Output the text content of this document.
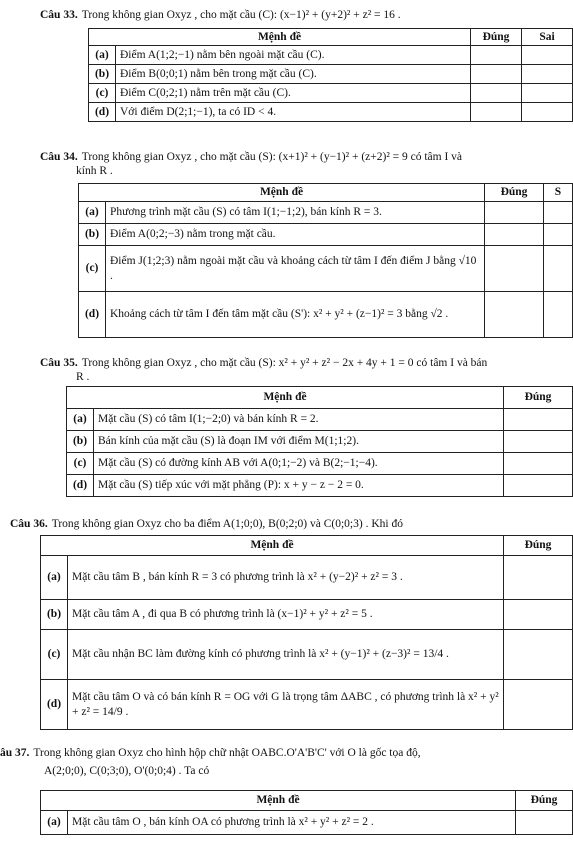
Câu 33. Trong không gian Oxyz , cho mặt cầu (C): (x−1)² + (y+2)² + z² = 16 .
Mệnh đề		Đúng	Sai
(a)	Điểm A(1;2;−1) nằm bên ngoài mặt cầu (C).		
(b)	Điểm B(0;0;1) nằm bên trong mặt cầu (C).		
(c)	Điểm C(0;2;1) nằm trên mặt cầu (C).		
(d)	Với điểm D(2;1;−1), ta có ID < 4.		
Câu 34. Trong không gian Oxyz , cho mặt cầu (S): (x+1)² + (y−1)² + (z+2)² = 9 có tâm I và
kính R .
Mệnh đề		Đúng	S
(a)	Phương trình mặt cầu (S) có tâm I(1;−1;2), bán kính R = 3.		
(b)	Điểm A(0;2;−3) nằm trong mặt cầu.		
(c)	Điểm J(1;2;3) nằm ngoài mặt cầu và khoảng cách từ tâm I đến điểm J bằng √10 .		
(d)	Khoảng cách từ tâm I đến tâm mặt cầu (S'): x² + y² + (z−1)² = 3 bằng √2 .		
Câu 35. Trong không gian Oxyz , cho mặt cầu (S): x² + y² + z² − 2x + 4y + 1 = 0 có tâm I và bán
R .
Mệnh đề		Đúng
(a)	Mặt cầu (S) có tâm I(1;−2;0) và bán kính R = 2.	
(b)	Bán kính của mặt cầu (S) là đoạn IM với điểm M(1;1;2).	
(c)	Mặt cầu (S) có đường kính AB với A(0;1;−2) và B(2;−1;−4).	
(d)	Mặt cầu (S) tiếp xúc với mặt phẳng (P): x + y − z − 2 = 0.	
Câu 36. Trong không gian Oxyz cho ba điểm A(1;0;0), B(0;2;0) và C(0;0;3) . Khi đó
Mệnh đề		Đúng
(a)	Mặt cầu tâm B , bán kính R = 3 có phương trình là x² + (y−2)² + z² = 3 .	
(b)	Mặt cầu tâm A , đi qua B có phương trình là (x−1)² + y² + z² = 5 .	
(c)	Mặt cầu nhận BC làm đường kính có phương trình là x² + (y−1)² + (z−3)² = 13/4 .	
(d)	Mặt cầu tâm O và có bán kính R = OG với G là trọng tâm ΔABC , có phương trình là x² + y² + z² = 14/9 .	
âu 37. Trong không gian Oxyz cho hình hộp chữ nhật OABC.O'A'B'C' với O là gốc tọa độ,
A(2;0;0), C(0;3;0), O'(0;0;4) . Ta có
Mệnh đề		Đúng
(a)	Mặt cầu tâm O , bán kính OA có phương trình là x² + y² + z² = 2 .	
